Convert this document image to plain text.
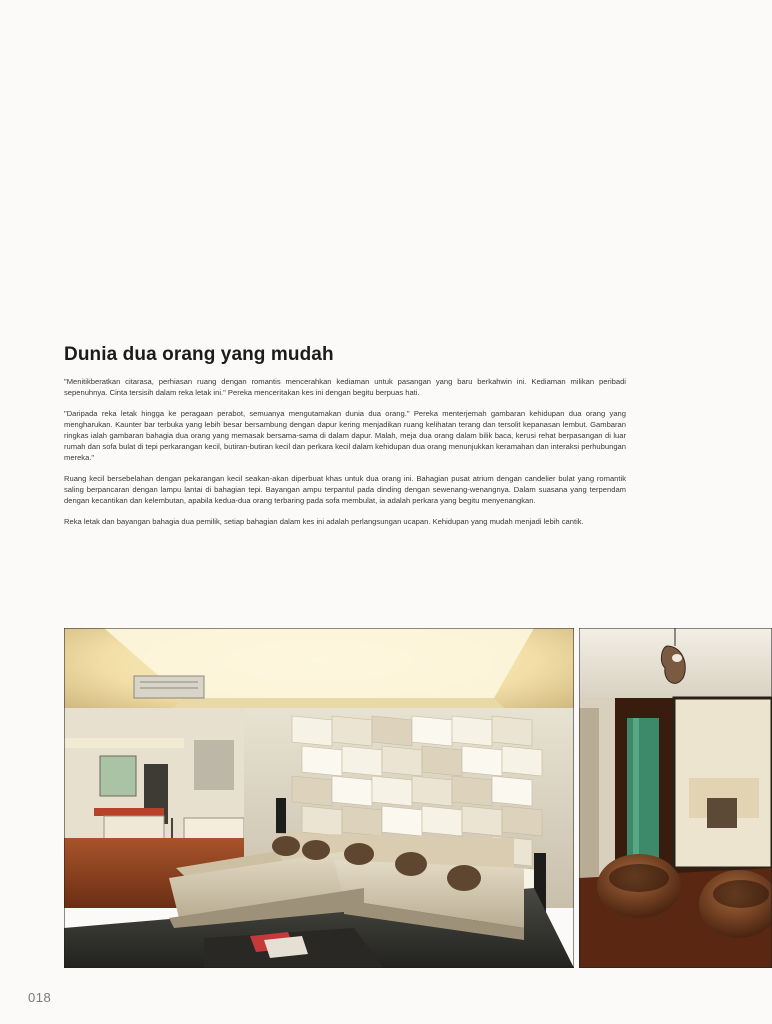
Dunia dua orang yang mudah

"Menitikberatkan citarasa, perhiasan ruang dengan romantis mencerahkan kediaman untuk pasangan yang baru berkahwin ini. Kediaman milikan peribadi sepenuhnya. Cinta tersisih dalam reka letak ini." Pereka menceritakan kes ini dengan begitu berpuas hati.

"Daripada reka letak hingga ke peragaan perabot, semuanya mengutamakan dunia dua orang." Pereka menterjemah gambaran kehidupan dua orang yang mengharukan. Kaunter bar terbuka yang lebih besar bersambung dengan dapur kering menjadikan ruang kelihatan terang dan tersolit kepanasan lembut. Gambaran ringkas ialah gambaran bahagia dua orang yang memasak bersama-sama di dalam dapur. Malah, meja dua orang dalam bilik baca, kerusi rehat berpasangan di luar rumah dan sofa bulat di tepi perkarangan kecil, butiran-butiran kecil dan perkara kecil dalam kehidupan dua orang menunjukkan keramahan dan interaksi perhubungan mereka."

Ruang kecil bersebelahan dengan pekarangan kecil seakan-akan diperbuat khas untuk dua orang ini. Bahagian pusat atrium dengan candelier bulat yang romantik saling berpancaran dengan lampu lantai di bahagian tepi. Bayangan ampu terpantul pada dinding dengan sewenang-wenangnya. Dalam suasana yang terpendam dengan kecantikan dan kelembutan, apabila kedua-dua orang terbaring pada sofa membulat, ia adalah perkara yang begitu menyenangkan.

Reka letak dan bayangan bahagia dua pemilik, setiap bahagian dalam kes ini adalah perlangsungan ucapan. Kehidupan yang mudah menjadi lebih cantik.

018
